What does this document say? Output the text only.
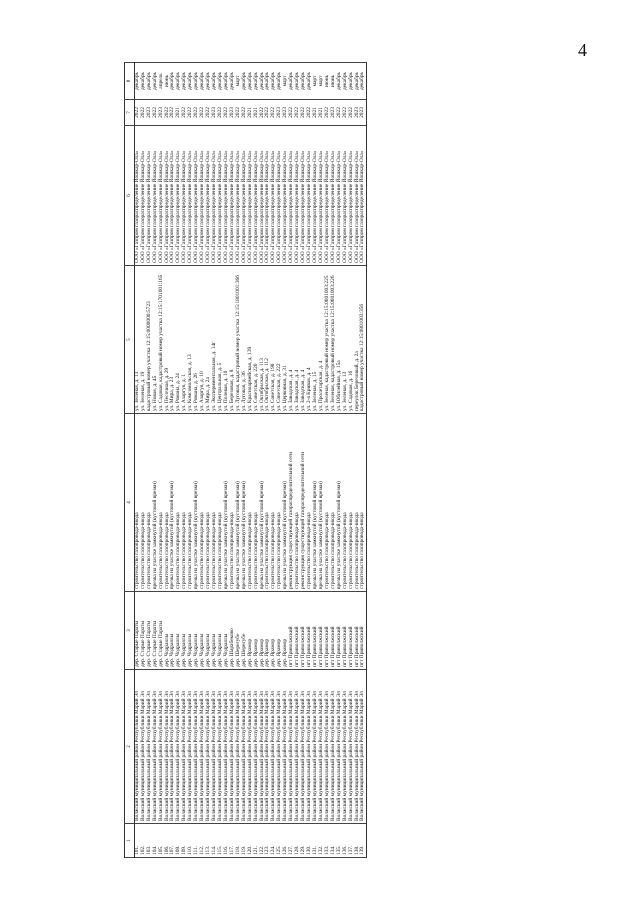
4
1	2	3	4	5	6	7	8
101.	Волжский муниципальный район Республики Марий Эл	дер. Старые Параты	строительство газопровода-ввода	ул. Зеленая, д. 13	ООО «Газпром газораспределение Йошкар-Ола»	2022	декабрь
102.	Волжский муниципальный район Республики Марий Эл	дер. Старые Параты	строительство газопровода-ввода	ул. Зеленая, д. 19	ООО «Газпром газораспределение Йошкар-Ола»	2022	декабрь
103.	Волжский муниципальный район Республики Марий Эл	дер. Старые Параты	строительство газопровода-ввода	кадастровый номер участка 12:15:0000000:5723	ООО «Газпром газораспределение Йошкар-Ола»	2023	декабрь
104.	Волжский муниципальный район Республики Марий Эл	дер. Старые Параты	врезка на участке замкнутой (кустовой врезки)	ул. Новая, д. 45	ООО «Газпром газораспределение Йошкар-Ола»	2022	декабрь
105.	Волжский муниципальный район Республики Марий Эл	дер. Старые Параты	строительство газопровода-ввода	ул. Садовая, кадастровый номер участка 12:15:1701001:165	ООО «Газпром газораспределение Йошкар-Ола»	2023	апрель
106.	Волжский муниципальный район Республики Марий Эл	дер. Чодраялы	строительство газопровода-ввода	ул. Песочная, д. 29	ООО «Газпром газораспределение Йошкар-Ола»	2022	июнь
107.	Волжский муниципальный район Республики Марий Эл	дер. Чодраялы	врезка на участке замкнутой (кустовой врезки)	ул. Мира, д. 23	ООО «Газпром газораспределение Йошкар-Ола»	2022	декабрь
108.	Волжский муниципальный район Республики Марий Эл	дер. Чодраялы	строительство газопровода-ввода	ул. Романа, д. 24	ООО «Газпром газораспределение Йошкар-Ола»	2021	декабрь
109.	Волжский муниципальный район Республики Марий Эл	дер. Чодраялы	строительство газопровода-ввода	ул. Азаргуя, д. 1	ООО «Газпром газораспределение Йошкар-Ола»	2022	декабрь
110.	Волжский муниципальный район Республики Марий Эл	дер. Чодраялы	строительство газопровода-ввода	ул. Комсомольская, д. 13	ООО «Газпром газораспределение Йошкар-Ола»	2022	декабрь
111.	Волжский муниципальный район Республики Марий Эл	дер. Чодраялы	врезка на участке замкнутой (кустовой врезки)	ул. Романа, д. 26	ООО «Газпром газораспределение Йошкар-Ола»	2022	декабрь
112.	Волжский муниципальный район Республики Марий Эл	дер. Чодраялы	строительство газопровода-ввода	ул. Азаргуя, д. 10	ООО «Газпром газораспределение Йошкар-Ола»	2022	декабрь
113.	Волжский муниципальный район Республики Марий Эл	дер. Чодраялы	строительство газопровода-ввода	ул. Мира, д. 2а	ООО «Газпром газораспределение Йошкар-Ола»	2022	декабрь
114.	Волжский муниципальный район Республики Марий Эл	дер. Чодраялы	строительство газопровода-ввода	ул. Экспериментальная, д. 14г	ООО «Газпром газораспределение Йошкар-Ола»	2023	декабрь
115.	Волжский муниципальный район Республики Марий Эл	дер. Чодраялы	строительство газопровода-ввода	ул. Центральная, д. 5	ООО «Газпром газораспределение Йошкар-Ола»	2022	декабрь
116.	Волжский муниципальный район Республики Марий Эл	дер. Чодраялы	врезка на участке замкнутой (кустовой врезки)	ул. Полевая, д. 10	ООО «Газпром газораспределение Йошкар-Ола»	2022	декабрь
117.	Волжский муниципальный район Республики Марий Эл	дер. Шарабеково	строительство газопровода-ввода	ул. Березовая, д. 8	ООО «Газпром газораспределение Йошкар-Ола»	2023	декабрь
118.	Волжский муниципальный район Республики Марий Эл	дер. Шерегубе	врезка на участке замкнутой (кустовой врезки)	ул. Луговая, кадастровый номер участка 12:15:1801001:366	ООО «Газпром газораспределение Йошкар-Ола»	2022	март
119.	Волжский муниципальный район Республики Марий Эл	дер. Шерегубе	врезка на участке замкнутой (кустовой врезки)	ул. Луговая, д. 36	ООО «Газпром газораспределение Йошкар-Ола»	2022	декабрь
120.	Волжский муниципальный район Республики Марий Эл	дер. Ярамор	строительство газопровода-ввода	ул. Красноармейская, д. 139	ООО «Газпром газораспределение Йошкар-Ола»	2021	декабрь
121.	Волжский муниципальный район Республики Марий Эл	дер. Ярамор	строительство газопровода-ввода	ул. Советская, д. 220	ООО «Газпром газораспределение Йошкар-Ола»	2021	декабрь
122.	Волжский муниципальный район Республики Марий Эл	дер. Ярамор	врезка на участке замкнутой (кустовой врезки)	ул. Октябрьская, д. 113	ООО «Газпром газораспределение Йошкар-Ола»	2022	декабрь
123.	Волжский муниципальный район Республики Марий Эл	дер. Ярамор	строительство газопровода-ввода	ул. Октябрьская, д. 112	ООО «Газпром газораспределение Йошкар-Ола»	2022	декабрь
124.	Волжский муниципальный район Республики Марий Эл	дер. Ярамор	строительство газопровода-ввода	ул. Советская, д. 198	ООО «Газпром газораспределение Йошкар-Ола»	2022	декабрь
125.	Волжский муниципальный район Республики Марий Эл	дер. Ярамор	строительство газопровода-ввода	ул. Советская, д. 222	ООО «Газпром газораспределение Йошкар-Ола»	2023	декабрь
126.	Волжский муниципальный район Республики Марий Эл	дер. Ярамор	врезка на участке замкнутой (кустовой врезки)	ул. Церковная, д. 31	ООО «Газпром газораспределение Йошкар-Ола»	2023	март
127.	Волжский муниципальный район Республики Марий Эл	пгт Приволжский	реконструкция существующей газораспределительной сети	ул. Заводская, д. 4	ООО «Газпром газораспределение Йошкар-Ола»	2022	декабрь
128.	Волжский муниципальный район Республики Марий Эл	пгт Приволжский	строительство газопровода-ввода	ул. Заводская, д. 4	ООО «Газпром газораспределение Йошкар-Ола»	2022	декабрь
129.	Волжский муниципальный район Республики Марий Эл	пгт Приволжский	реконструкция существующей газораспределительной сети	ул. Заводская, д. 4	ООО «Газпром газораспределение Йошкар-Ола»	2022	декабрь
130.	Волжский муниципальный район Республики Марий Эл	пгт Приволжский	строительство газопровода-ввода	ул. 2-я Кривая, д. 4	ООО «Газпром газораспределение Йошкар-Ола»	2022	декабрь
131.	Волжский муниципальный район Республики Марий Эл	пгт Приволжский	врезка на участке замкнутой (кустовой врезки)	ул. Зеленая, д. 15	ООО «Газпром газораспределение Йошкар-Ола»	2021	март
132.	Волжский муниципальный район Республики Марий Эл	пгт Приволжский	врезка на участке замкнутой (кустовой врезки)	ул. Пролетарская, д. 4	ООО «Газпром газораспределение Йошкар-Ола»	2021	март
133.	Волжский муниципальный район Республики Марий Эл	пгт Приволжский	строительство газопровода-ввода	ул. Зеленая, кадастровый номер участка 12:15:0601003:225	ООО «Газпром газораспределение Йошкар-Ола»	2022	июнь
134.	Волжский муниципальный район Республики Марий Эл	пгт Приволжский	строительство газопровода-ввода	ул. Зеленая, кадастровый номер участка 12:15:0601003:226	ООО «Газпром газораспределение Йошкар-Ола»	2023	июнь
135.	Волжский муниципальный район Республики Марий Эл	пгт Приволжский	врезка на участке замкнутой (кустовой врезки)	ул. Юбилейная, д. 15а	ООО «Газпром газораспределение Йошкар-Ола»	2022	декабрь
136.	Волжский муниципальный район Республики Марий Эл	пгт Приволжский	строительство газопровода-ввода	ул. Зеленая, д. 13	ООО «Газпром газораспределение Йошкар-Ола»	2022	декабрь
137.	Волжский муниципальный район Республики Марий Эл	пгт Приволжский	строительство газопровода-ввода	ул. Садовая, д. 16	ООО «Газпром газораспределение Йошкар-Ола»	2022	декабрь
138.	Волжский муниципальный район Республики Марий Эл	пгт Приволжский	строительство газопровода-ввода	переулок Березовый, д. 2а	ООО «Газпром газораспределение Йошкар-Ола»	2023	декабрь
139.	Волжский муниципальный район Республики Марий Эл	пгт Приволжский	строительство газопровода-ввода	кадастровый номер участка 12:15:0801003:356	ООО «Газпром газораспределение Йошкар-Ола»	2023	декабрь
